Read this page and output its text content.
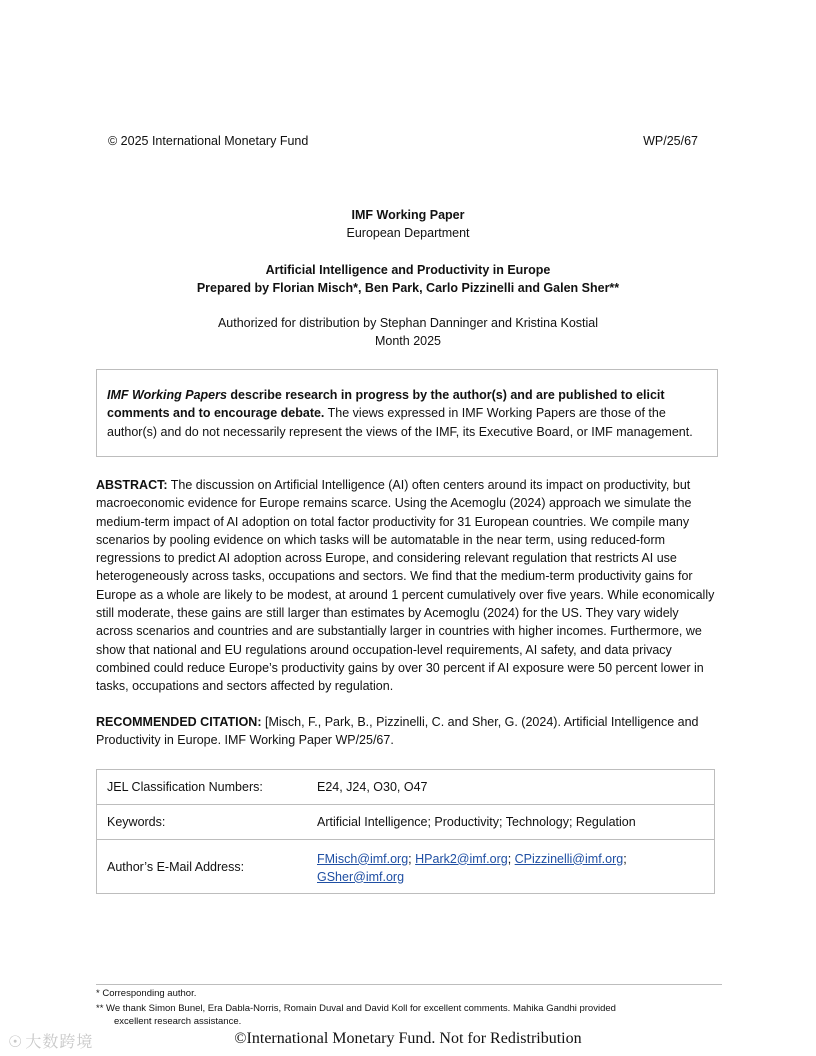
© 2025 International Monetary Fund	WP/25/67
IMF Working Paper
European Department
Artificial Intelligence and Productivity in Europe
Prepared by Florian Misch*, Ben Park, Carlo Pizzinelli and Galen Sher**
Authorized for distribution by Stephan Danninger and Kristina Kostial
Month 2025
IMF Working Papers describe research in progress by the author(s) and are published to elicit comments and to encourage debate. The views expressed in IMF Working Papers are those of the author(s) and do not necessarily represent the views of the IMF, its Executive Board, or IMF management.
ABSTRACT: The discussion on Artificial Intelligence (AI) often centers around its impact on productivity, but macroeconomic evidence for Europe remains scarce. Using the Acemoglu (2024) approach we simulate the medium-term impact of AI adoption on total factor productivity for 31 European countries. We compile many scenarios by pooling evidence on which tasks will be automatable in the near term, using reduced-form regressions to predict AI adoption across Europe, and considering relevant regulation that restricts AI use heterogeneously across tasks, occupations and sectors. We find that the medium-term productivity gains for Europe as a whole are likely to be modest, at around 1 percent cumulatively over five years. While economically still moderate, these gains are still larger than estimates by Acemoglu (2024) for the US. They vary widely across scenarios and countries and are substantially larger in countries with higher incomes. Furthermore, we show that national and EU regulations around occupation-level requirements, AI safety, and data privacy combined could reduce Europe’s productivity gains by over 30 percent if AI exposure were 50 percent lower in tasks, occupations and sectors affected by regulation.
RECOMMENDED CITATION: [Misch, F., Park, B., Pizzinelli, C. and Sher, G. (2024). Artificial Intelligence and Productivity in Europe. IMF Working Paper WP/25/67.
JEL Classification Numbers:	E24, J24, O30, O47
Keywords:	Artificial Intelligence; Productivity; Technology; Regulation
Author’s E-Mail Address:	FMisch@imf.org; HPark2@imf.org; CPizzinelli@imf.org;
GSher@imf.org
* Corresponding author.
** We thank Simon Bunel, Era Dabla-Norris, Romain Duval and David Koll for excellent comments. Mahika Gandhi provided
excellent research assistance.
☉ 大数跨境	©International Monetary Fund. Not for Redistribution
